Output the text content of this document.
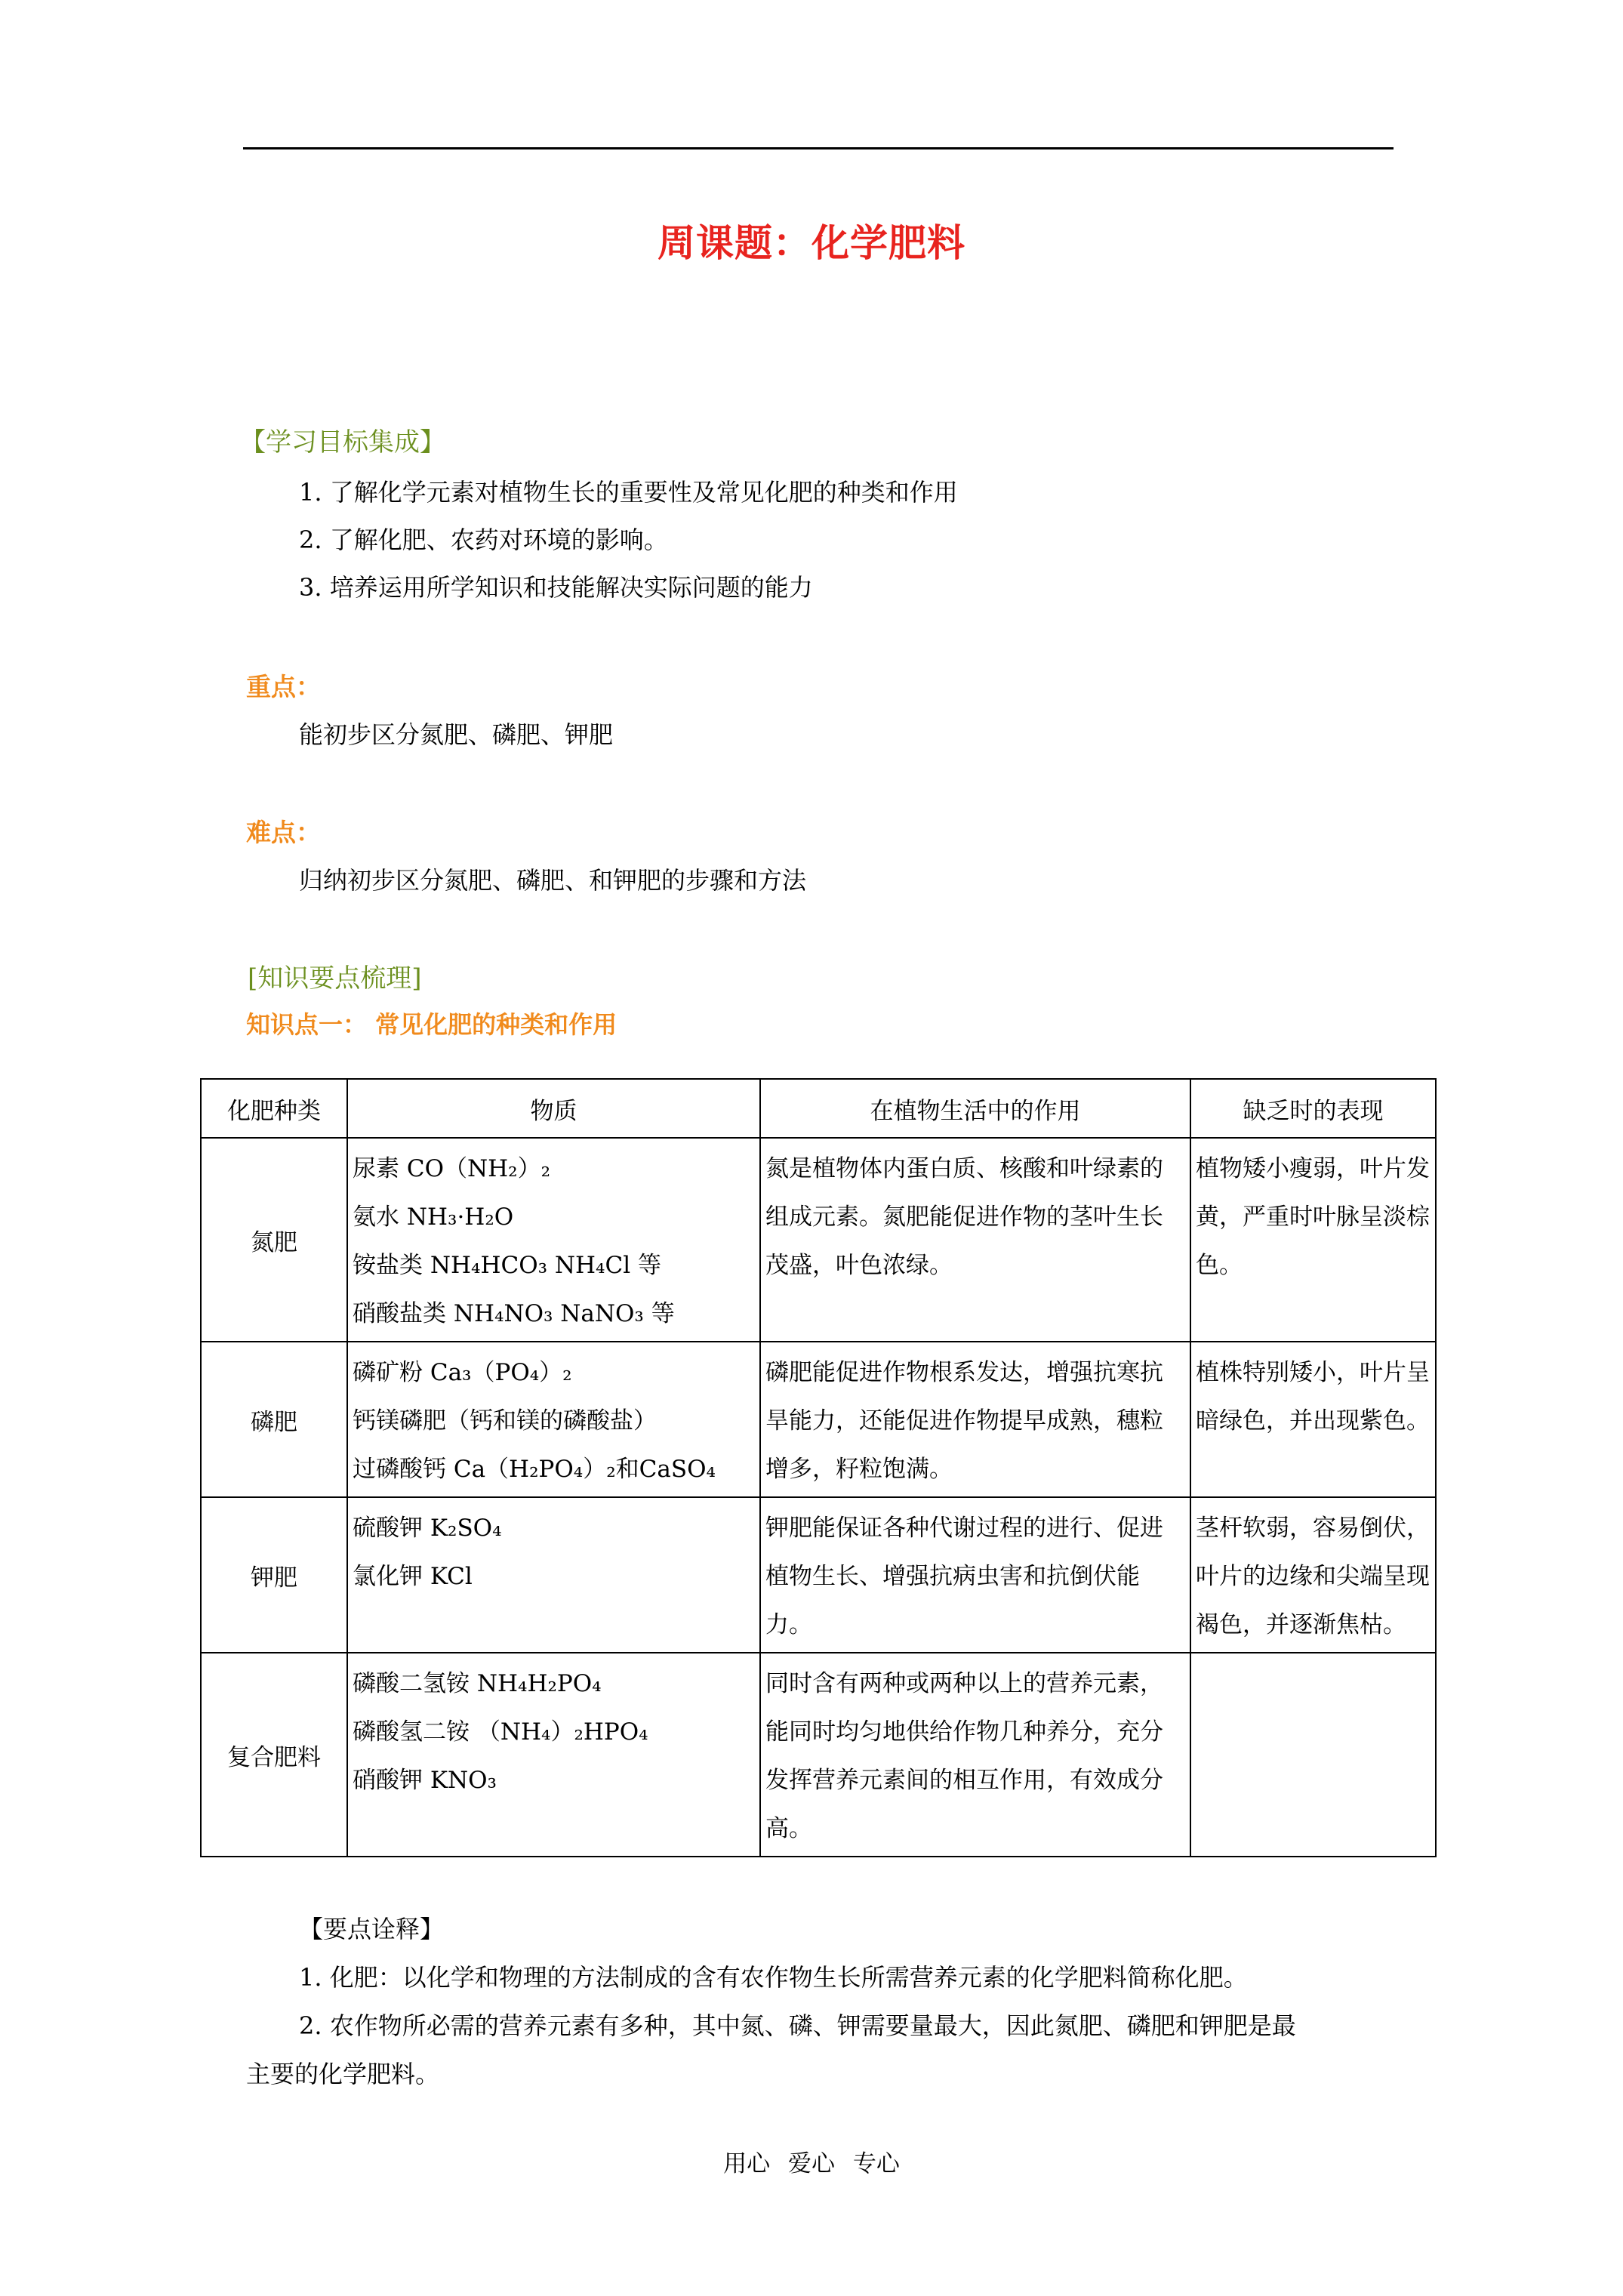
周课题：化学肥料
【学习目标集成】
1. 了解化学元素对植物生长的重要性及常见化肥的种类和作用
2. 了解化肥、农药对环境的影响。
3. 培养运用所学知识和技能解决实际问题的能力
重点：
能初步区分氮肥、磷肥、钾肥
难点：
归纳初步区分氮肥、磷肥、和钾肥的步骤和方法
[知识要点梳理]
知识点一： 常见化肥的种类和作用
化肥种类	物质	在植物生活中的作用	缺乏时的表现
氮肥	尿素 CO（NH₂）₂
氨水 NH₃·H₂O
铵盐类 NH₄HCO₃ NH₄Cl 等
硝酸盐类 NH₄NO₃ NaNO₃ 等	氮是植物体内蛋白质、核酸和叶绿素的组成元素。氮肥能促进作物的茎叶生长茂盛，叶色浓绿。	植物矮小瘦弱，叶片发黄，严重时叶脉呈淡棕色。
磷肥	磷矿粉 Ca₃（PO₄）₂
钙镁磷肥（钙和镁的磷酸盐）
过磷酸钙 Ca（H₂PO₄）₂和CaSO₄	磷肥能促进作物根系发达，增强抗寒抗旱能力，还能促进作物提早成熟，穗粒增多，籽粒饱满。	植株特别矮小，叶片呈暗绿色，并出现紫色。
钾肥	硫酸钾 K₂SO₄
氯化钾 KCl	钾肥能保证各种代谢过程的进行、促进植物生长、增强抗病虫害和抗倒伏能力。	茎杆软弱，容易倒伏，叶片的边缘和尖端呈现褐色，并逐渐焦枯。
复合肥料	磷酸二氢铵 NH₄H₂PO₄
磷酸氢二铵 （NH₄）₂HPO₄
硝酸钾 KNO₃	同时含有两种或两种以上的营养元素，能同时均匀地供给作物几种养分，充分发挥营养元素间的相互作用，有效成分高。	
【要点诠释】
1. 化肥：以化学和物理的方法制成的含有农作物生长所需营养元素的化学肥料简称化肥。
2. 农作物所必需的营养元素有多种，其中氮、磷、钾需要量最大，因此氮肥、磷肥和钾肥是最
主要的化学肥料。
用心 爱心 专心
